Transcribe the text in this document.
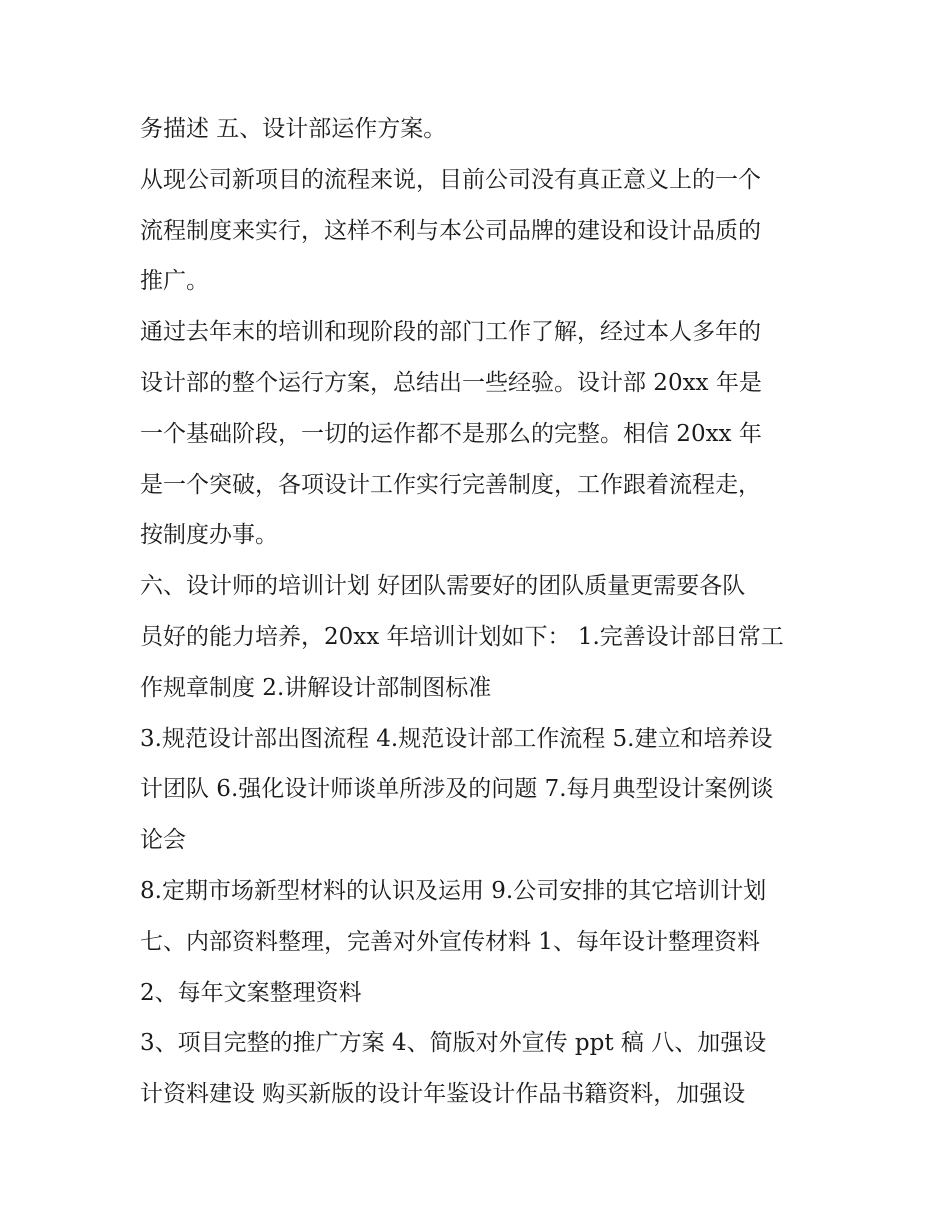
务描述 五、设计部运作方案。
从现公司新项目的流程来说，目前公司没有真正意义上的一个
流程制度来实行，这样不利与本公司品牌的建设和设计品质的
推广。
通过去年末的培训和现阶段的部门工作了解，经过本人多年的
设计部的整个运行方案，总结出一些经验。设计部 20xx 年是
一个基础阶段，一切的运作都不是那么的完整。相信 20xx 年
是一个突破，各项设计工作实行完善制度，工作跟着流程走，
按制度办事。
六、设计师的培训计划 好团队需要好的团队质量更需要各队
员好的能力培养，20xx 年培训计划如下： 1.完善设计部日常工
作规章制度 2.讲解设计部制图标准
3.规范设计部出图流程 4.规范设计部工作流程 5.建立和培养设
计团队 6.强化设计师谈单所涉及的问题 7.每月典型设计案例谈
论会
8.定期市场新型材料的认识及运用 9.公司安排的其它培训计划
七、内部资料整理，完善对外宣传材料 1、每年设计整理资料
2、每年文案整理资料
3、项目完整的推广方案 4、简版对外宣传 ppt 稿 八、加强设
计资料建设 购买新版的设计年鉴设计作品书籍资料，加强设
